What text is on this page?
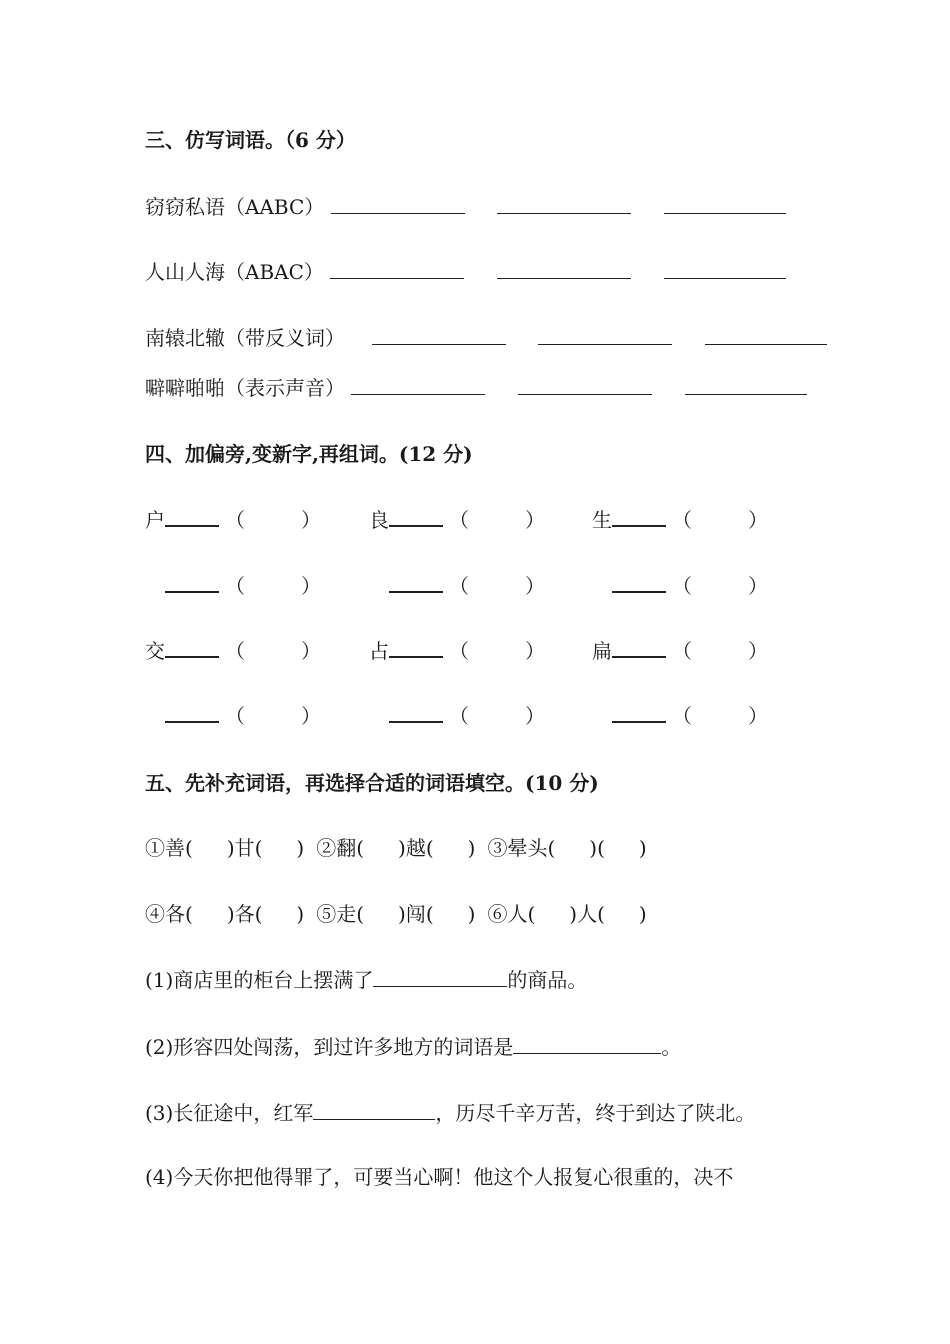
三、仿写词语。（6 分）
窃窃私语（AABC）
人山人海（ABAC）
南辕北辙（带反义词）
噼噼啪啪（表示声音）
四、加偏旁,变新字,再组词。(12 分)
户	（	） 良	（	） 生	（	）
（	）	（	）	（	）
交	（	） 占	（	） 扁	（	）
（	）	（	）	（	）
五、先补充词语，再选择合适的词语填空。(10 分)
①善( )甘( ) ②翻( )越( ) ③晕头( )( )
④各( )各( ) ⑤走( )闯( ) ⑥人( )人( )
(1)商店里的柜台上摆满了	的商品。
(2)形容四处闯荡，到过许多地方的词语是	。
(3)长征途中，红军	，历尽千辛万苦，终于到达了陕北。
(4)今天你把他得罪了，可要当心啊！他这个人报复心很重的，决不
